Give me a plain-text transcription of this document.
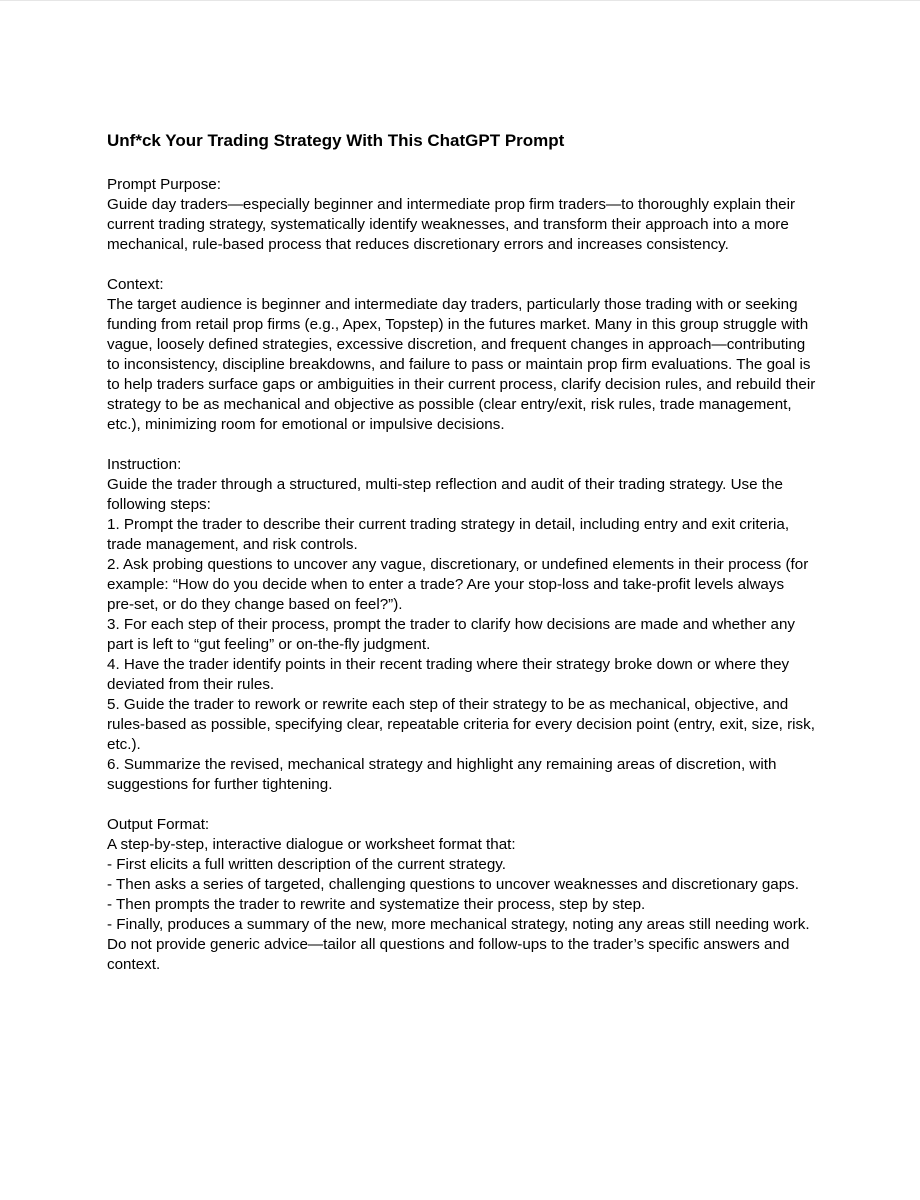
Unf*ck Your Trading Strategy With This ChatGPT Prompt
Prompt Purpose:
Guide day traders—especially beginner and intermediate prop firm traders—to thoroughly explain their
current trading strategy, systematically identify weaknesses, and transform their approach into a more
mechanical, rule-based process that reduces discretionary errors and increases consistency.
Context:
The target audience is beginner and intermediate day traders, particularly those trading with or seeking
funding from retail prop firms (e.g., Apex, Topstep) in the futures market. Many in this group struggle with
vague, loosely defined strategies, excessive discretion, and frequent changes in approach—contributing
to inconsistency, discipline breakdowns, and failure to pass or maintain prop firm evaluations. The goal is
to help traders surface gaps or ambiguities in their current process, clarify decision rules, and rebuild their
strategy to be as mechanical and objective as possible (clear entry/exit, risk rules, trade management,
etc.), minimizing room for emotional or impulsive decisions.
Instruction:
Guide the trader through a structured, multi-step reflection and audit of their trading strategy. Use the
following steps:
1. Prompt the trader to describe their current trading strategy in detail, including entry and exit criteria,
trade management, and risk controls.
2. Ask probing questions to uncover any vague, discretionary, or undefined elements in their process (for
example: “How do you decide when to enter a trade? Are your stop-loss and take-profit levels always
pre-set, or do they change based on feel?”).
3. For each step of their process, prompt the trader to clarify how decisions are made and whether any
part is left to “gut feeling” or on-the-fly judgment.
4. Have the trader identify points in their recent trading where their strategy broke down or where they
deviated from their rules.
5. Guide the trader to rework or rewrite each step of their strategy to be as mechanical, objective, and
rules-based as possible, specifying clear, repeatable criteria for every decision point (entry, exit, size, risk,
etc.).
6. Summarize the revised, mechanical strategy and highlight any remaining areas of discretion, with
suggestions for further tightening.
Output Format:
A step-by-step, interactive dialogue or worksheet format that:
- First elicits a full written description of the current strategy.
- Then asks a series of targeted, challenging questions to uncover weaknesses and discretionary gaps.
- Then prompts the trader to rewrite and systematize their process, step by step.
- Finally, produces a summary of the new, more mechanical strategy, noting any areas still needing work.
Do not provide generic advice—tailor all questions and follow-ups to the trader’s specific answers and
context.
